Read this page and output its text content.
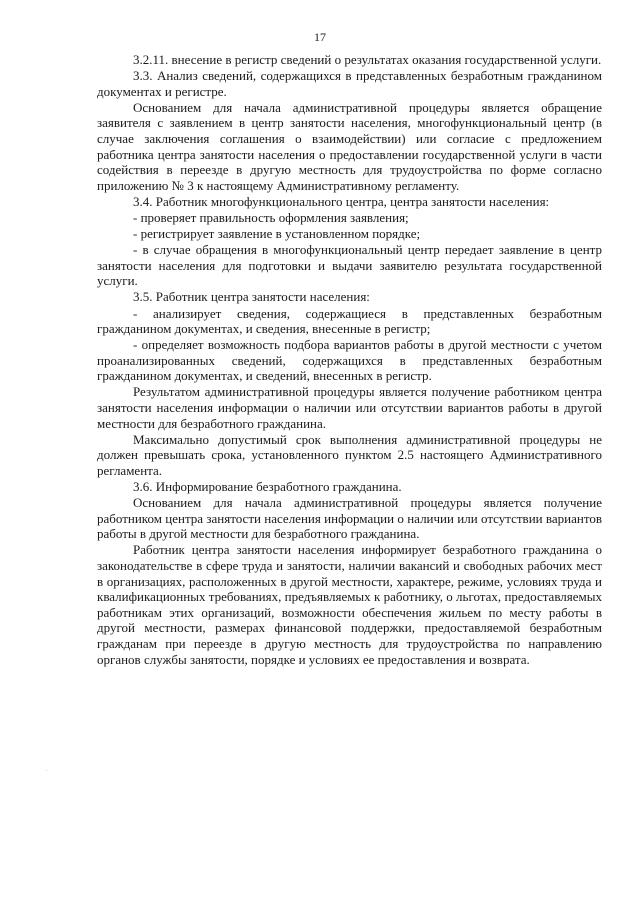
17

3.2.11. внесение в регистр сведений о результатах оказания государственной услуги.

3.3. Анализ сведений, содержащихся в представленных безработным гражданином документах и регистре.

Основанием для начала административной процедуры является обращение заявителя с заявлением в центр занятости населения, многофункциональный центр (в случае заключения соглашения о взаимодействии) или согласие с предложением работника центра занятости населения о предоставлении государственной услуги в части содействия в переезде в другую местность для трудоустройства по форме согласно приложению № 3 к настоящему Административному регламенту.

3.4. Работник многофункционального центра, центра занятости населения:

- проверяет правильность оформления заявления;

- регистрирует заявление в установленном порядке;

- в случае обращения в многофункциональный центр передает заявление в центр занятости населения для подготовки и выдачи заявителю результата государственной услуги.

3.5. Работник центра занятости населения:

- анализирует сведения, содержащиеся в представленных безработным гражданином документах, и сведения, внесенные в регистр;

- определяет возможность подбора вариантов работы в другой местности с учетом проанализированных сведений, содержащихся в представленных безработным гражданином документах, и сведений, внесенных в регистр.

Результатом административной процедуры является получение работником центра занятости населения информации о наличии или отсутствии вариантов работы в другой местности для безработного гражданина.

Максимально допустимый срок выполнения административной процедуры не должен превышать срока, установленного пунктом 2.5 настоящего Административного регламента.

3.6. Информирование безработного гражданина.

Основанием для начала административной процедуры является получение работником центра занятости населения информации о наличии или отсутствии вариантов работы в другой местности для безработного гражданина.

Работник центра занятости населения информирует безработного гражданина о законодательстве в сфере труда и занятости, наличии вакансий и свободных рабочих мест в организациях, расположенных в другой местности, характере, режиме, условиях труда и квалификационных требованиях, предъявляемых к работнику, о льготах, предоставляемых работникам этих организаций, возможности обеспечения жильем по месту работы в другой местности, размерах финансовой поддержки, предоставляемой безработным гражданам при переезде в другую местность для трудоустройства по направлению органов службы занятости, порядке и условиях ее предоставления и возврата.
